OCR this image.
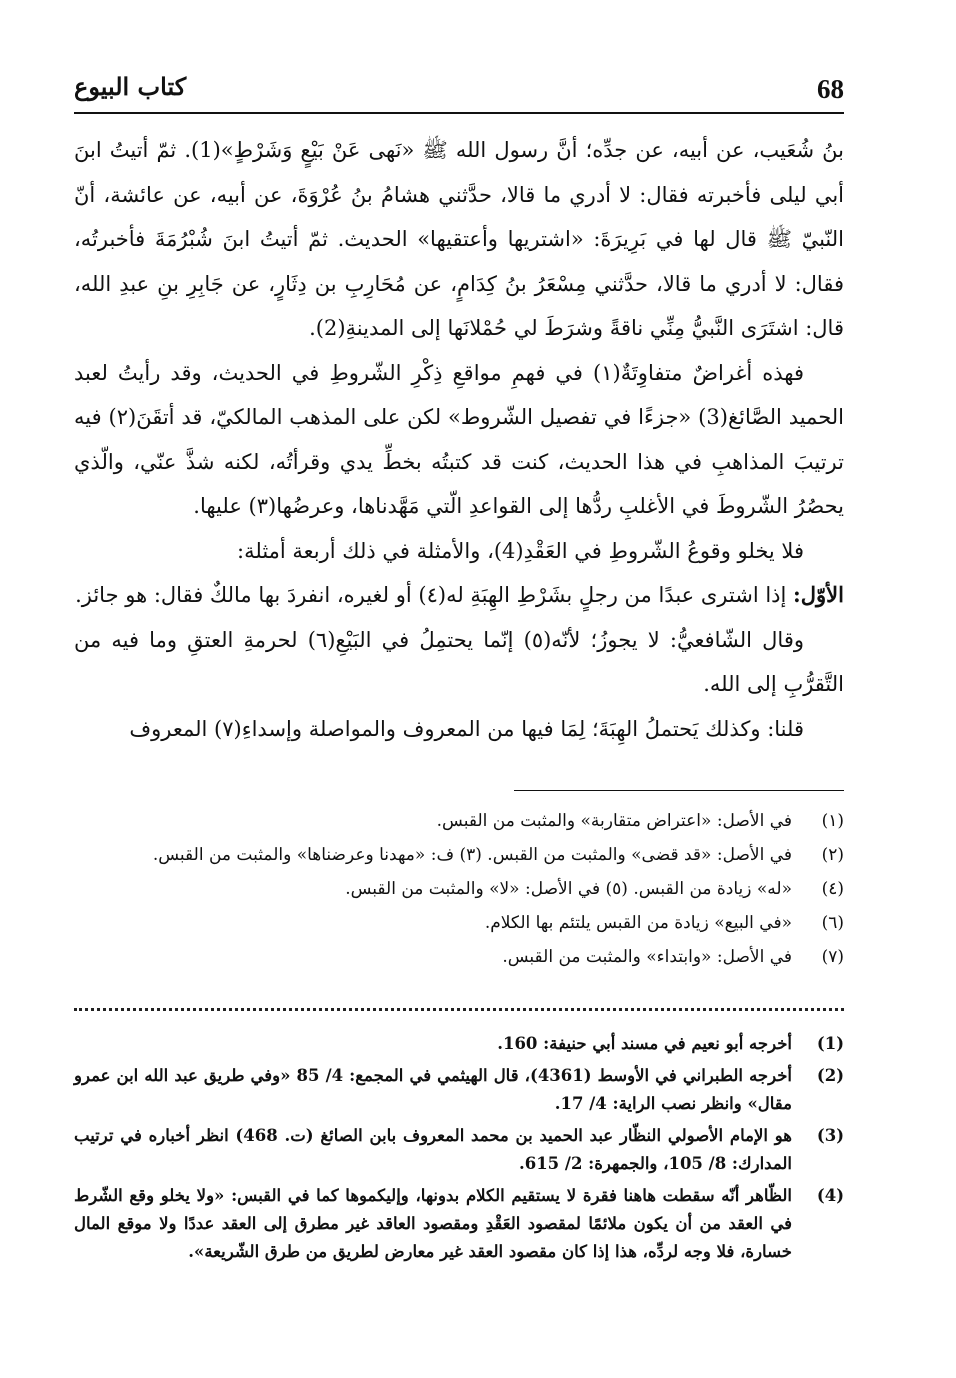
68
كتاب البيوع

بنُ شُعَيب، عن أبيه، عن جدِّه؛ أنَّ رسول الله ﷺ «نَهى عَنْ بَيْعٍ وَشَرْطٍ»(1). ثمّ أتيتُ ابنَ أبي ليلى فأخبرته فقال: لا أدري ما قالا، حدَّثني هشامُ بنُ عُرْوَةَ، عن أبيه، عن عائشة، أنّ النّبيّ ﷺ قال لها في بَرِيرَةَ: «اشتريها وأعتقيها» الحديث. ثمّ أتيتُ ابنَ شُبْرُمَةَ فأخبرتُه، فقال: لا أدري ما قالا، حدَّثني مِسْعَرُ بنُ كِدَامٍ، عن مُحَارِبِ بن دِثَارٍ، عن جَابِرِ بنِ عبدِ الله، قال: اشتَرَى النَّبيُّ مِنِّي ناقةً وشرَطَ لي حُمْلانَها إلى المدينةِ(2).

فهذه أغراضٌ متفاوِتَةٌ(١) في فهمِ مواقعِ ذِكْرِ الشّروطِ في الحديث، وقد رأيتُ لعبد الحميد الصَّائغ(3) «جزءًا في تفصيل الشّروط» لكن على المذهب المالكيّ، قد أتقَنَ(٢) فيه ترتيبَ المذاهبِ في هذا الحديث، كنت قد كتبتُه بخطِّ يدي وقرأتُه، لكنه شذَّ عنّي، والّذي يحصُرُ الشّروطَ في الأغلبِ ردُّها إلى القواعدِ الّتي مَهَّدناها، وعرضُها(٣) عليها.

فلا يخلو وقوعُ الشّروطِ في العَقْدِ(4)، والأمثلة في ذلك أربعة أمثلة:

الأوّل: إذا اشترى عبدًا من رجلٍ بشَرْطِ الهِبَةِ له(٤) أو لغيره، انفردَ بها مالكٌ فقال: هو جائز.

وقال الشّافعيُّ: لا يجوزُ؛ لأنّه(٥) إنّما يحتمِلُ في البَيْعِ(٦) لحرمةِ العتقِ وما فيه من التَّقرُّبِ إلى الله.

قلنا: وكذلك يَحتملُ الهِبَةَ؛ لِمَا فيها من المعروف والمواصلة وإسداءِ(٧) المعروف

(١)
في الأصل: «اعتراض متقاربة» والمثبت من القبس.
(٢)
في الأصل: «قد قضى» والمثبت من القبس. (٣) ف: «مهدنا وعرضناها» والمثبت من القبس.
(٤)
«له» زيادة من القبس. (٥) في الأصل: «لا» والمثبت من القبس.
(٦)
«في البيع» زيادة من القبس يلتئم بها الكلام.
(٧)
في الأصل: «وابتداء» والمثبت من القبس.
(1)
أخرجه أبو نعيم في مسند أبي حنيفة: 160.
(2)
أخرجه الطبراني في الأوسط (4361)، قال الهيثمي في المجمع: 4/ 85 «وفي طريق عبد الله ابن عمرو مقال» وانظر نصب الراية: 4/ 17.
(3)
هو الإمام الأصولي النظّار عبد الحميد بن محمد المعروف بابن الصائغ (ت. 468) انظر أخباره في ترتيب المدارك: 8/ 105، والجمهرة: 2/ 615.
(4)
الظّاهر أنّه سقطت هاهنا فقرة لا يستقيم الكلام بدونها، وإليكموها كما في القبس: «ولا يخلو وقع الشّرط في العقد من أن يكون ملائمًا لمقصود العَقْدِ ومقصود العاقد غير مطرق إلى العقد عددًا ولا موقع المال خسارة، فلا وجه لردِّه، هذا إذا كان مقصود العقد غير معارض لطريق من طرق الشّريعة».
